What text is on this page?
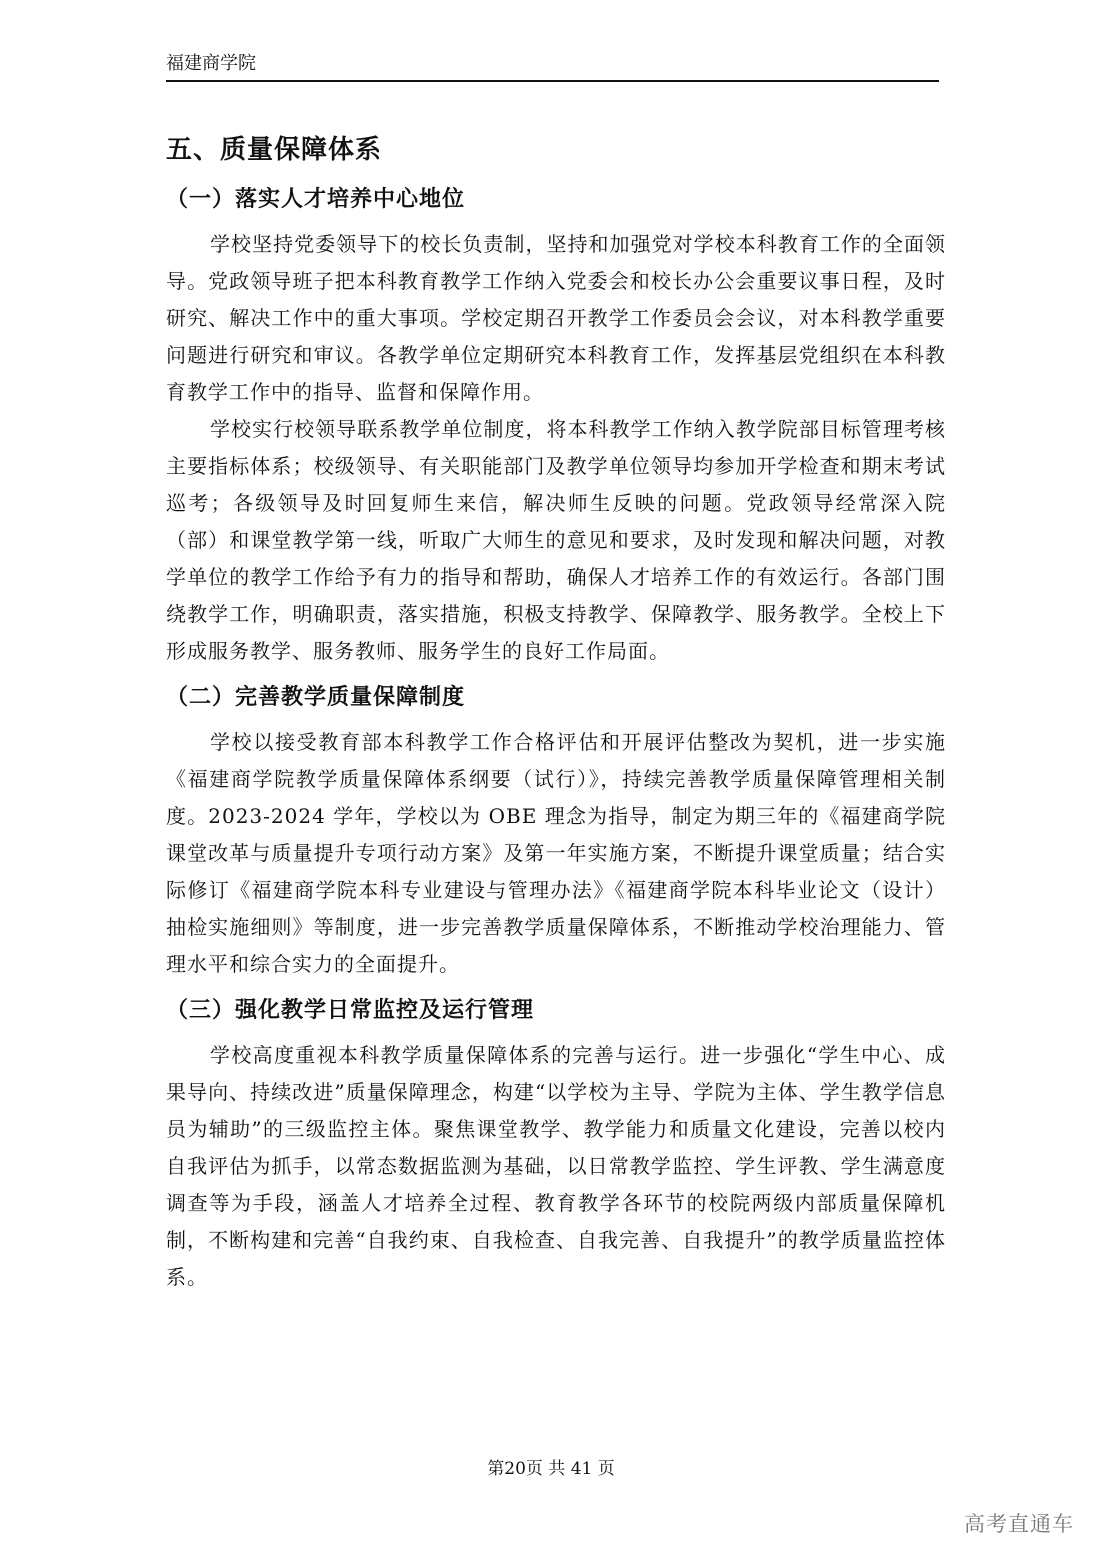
福建商学院
五、质量保障体系
（一）落实人才培养中心地位

学校坚持党委领导下的校长负责制，坚持和加强党对学校本科教育工作的全面领导。党政领导班子把本科教育教学工作纳入党委会和校长办公会重要议事日程，及时研究、解决工作中的重大事项。学校定期召开教学工作委员会会议，对本科教学重要问题进行研究和审议。各教学单位定期研究本科教育工作，发挥基层党组织在本科教育教学工作中的指导、监督和保障作用。

学校实行校领导联系教学单位制度，将本科教学工作纳入教学院部目标管理考核主要指标体系；校级领导、有关职能部门及教学单位领导均参加开学检查和期末考试巡考；各级领导及时回复师生来信，解决师生反映的问题。党政领导经常深入院（部）和课堂教学第一线，听取广大师生的意见和要求，及时发现和解决问题，对教学单位的教学工作给予有力的指导和帮助，确保人才培养工作的有效运行。各部门围绕教学工作，明确职责，落实措施，积极支持教学、保障教学、服务教学。全校上下形成服务教学、服务教师、服务学生的良好工作局面。

（二）完善教学质量保障制度

学校以接受教育部本科教学工作合格评估和开展评估整改为契机，进一步实施《福建商学院教学质量保障体系纲要（试行）》，持续完善教学质量保障管理相关制度。2023-2024 学年，学校以为 OBE 理念为指导，制定为期三年的《福建商学院课堂改革与质量提升专项行动方案》及第一年实施方案，不断提升课堂质量；结合实际修订《福建商学院本科专业建设与管理办法》《福建商学院本科毕业论文（设计）抽检实施细则》等制度，进一步完善教学质量保障体系，不断推动学校治理能力、管理水平和综合实力的全面提升。

（三）强化教学日常监控及运行管理

学校高度重视本科教学质量保障体系的完善与运行。进一步强化“学生中心、成果导向、持续改进”质量保障理念，构建“以学校为主导、学院为主体、学生教学信息员为辅助”的三级监控主体。聚焦课堂教学、教学能力和质量文化建设，完善以校内自我评估为抓手，以常态数据监测为基础，以日常教学监控、学生评教、学生满意度调查等为手段，涵盖人才培养全过程、教育教学各环节的校院两级内部质量保障机制，不断构建和完善“自我约束、自我检查、自我完善、自我提升”的教学质量监控体系。

第20页 共 41 页
高考直通车
